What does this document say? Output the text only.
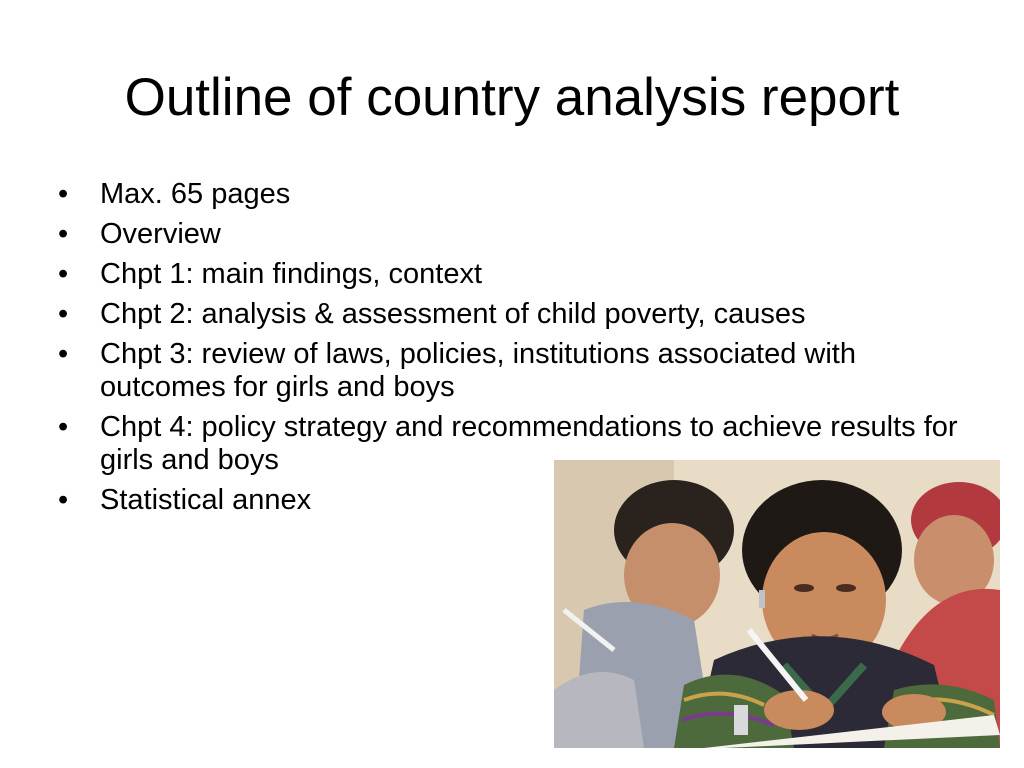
Outline of country analysis report
• Max. 65 pages
• Overview
• Chpt 1: main findings, context
• Chpt 2: analysis & assessment of child poverty, causes
• Chpt 3: review of laws, policies, institutions associated with outcomes for girls and boys
• Chpt 4: policy strategy and recommendations to achieve results for girls and boys
• Statistical annex
